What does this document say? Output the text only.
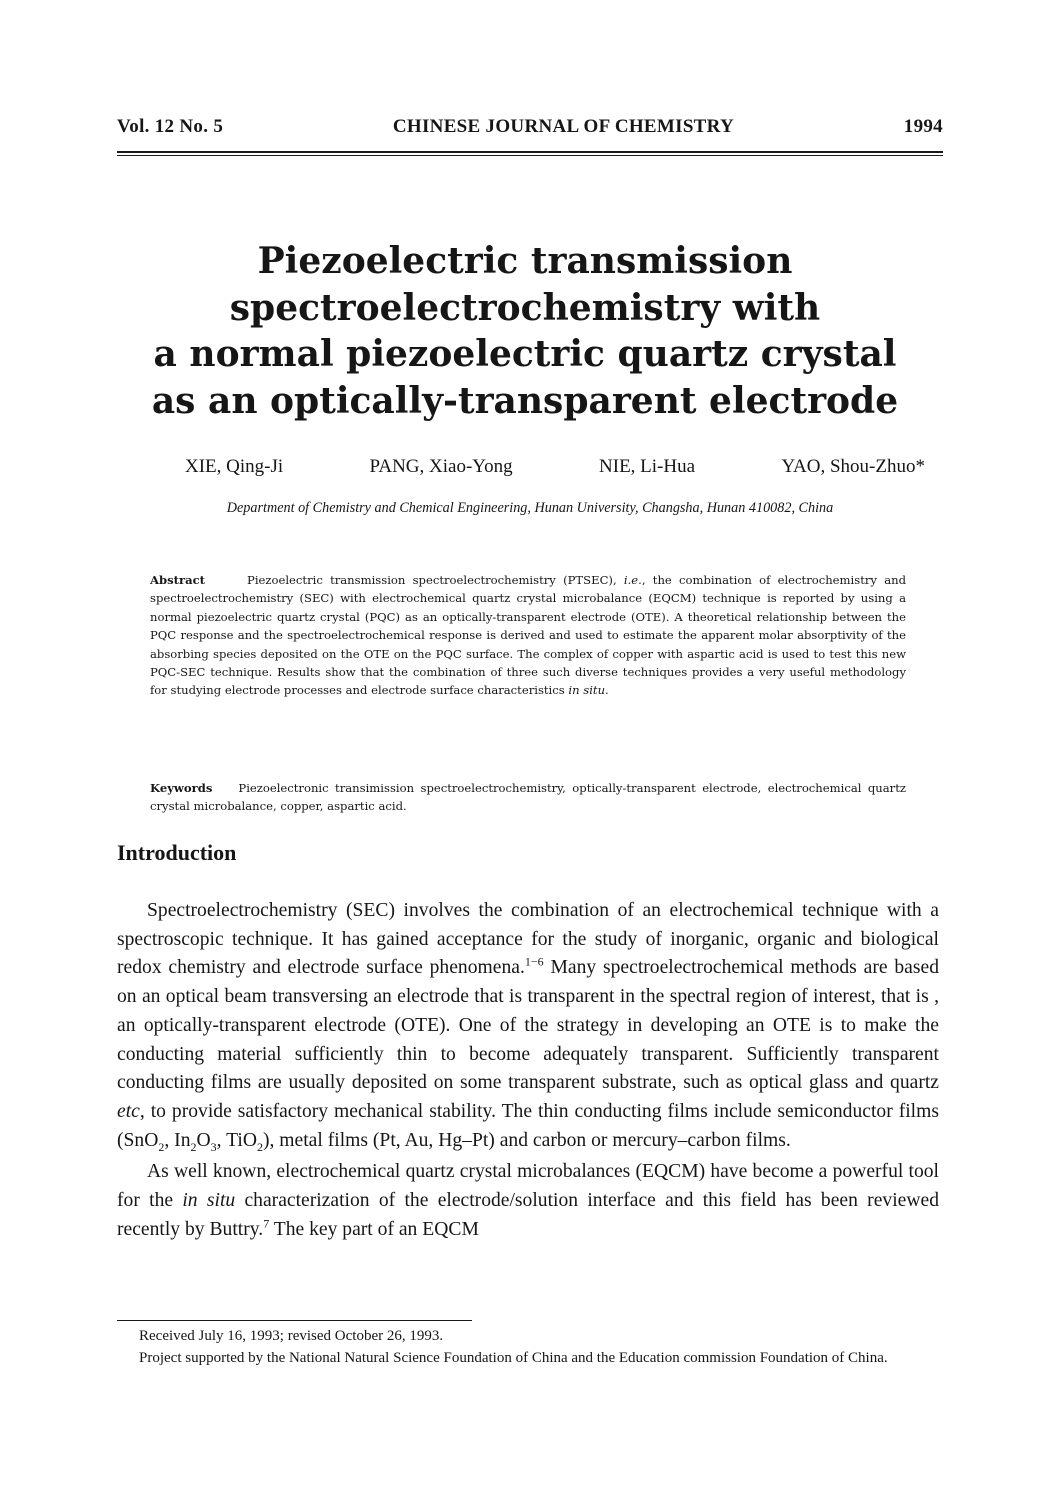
Vol. 12 No. 5	CHINESE JOURNAL OF CHEMISTRY	1994
Piezoelectric transmission
spectroelectrochemistry with
a normal piezoelectric quartz crystal
as an optically-transparent electrode
XIE, Qing-Ji	PANG, Xiao-Yong	NIE, Li-Hua	YAO, Shou-Zhuo*
Department of Chemistry and Chemical Engineering, Hunan University, Changsha, Hunan 410082, China
Abstract	Piezoelectric transmission spectroelectrochemistry (PTSEC), i.e., the combination of electrochemistry and spectroelectrochemistry (SEC) with electrochemical quartz crystal microbalance (EQCM) technique is reported by using a normal piezoelectric quartz crystal (PQC) as an optically-transparent electrode (OTE). A theoretical relationship between the PQC response and the spectroelectrochemical response is derived and used to estimate the apparent molar absorptivity of the absorbing species deposited on the OTE on the PQC surface. The complex of copper with aspartic acid is used to test this new PQC-SEC technique. Results show that the combination of three such diverse techniques provides a very useful methodology for studying electrode processes and electrode surface characteristics in situ.
Keywords Piezoelectronic transimission spectroelectrochemistry, optically-transparent electrode, electrochemical quartz crystal microbalance, copper, aspartic acid.
Introduction

Spectroelectrochemistry (SEC) involves the combination of an electrochemical technique with a spectroscopic technique. It has gained acceptance for the study of inorganic, organic and biological redox chemistry and electrode surface phenomena.$^{1-6}$ Many spectroelectrochemical methods are based on an optical beam transversing an electrode that is transparent in the spectral region of interest, that is , an optically-transparent electrode (OTE). One of the strategy in developing an OTE is to make the conducting material sufficiently thin to become adequately transparent. Sufficiently transparent conducting films are usually deposited on some transparent substrate, such as optical glass and quartz etc, to provide satisfactory mechanical stability. The thin conducting films include semiconductor films (SnO$_2$, $In_2O_3$, TiO$_2$), metal films (Pt, Au, Hg–Pt) and carbon or mercury–carbon films.

As well known, electrochemical quartz crystal microbalances (EQCM) have become a powerful tool for the in situ characterization of the electrode/solution interface and this field has been reviewed recently by Buttry.$^7$ The key part of an EQCM

Received July 16, 1993; revised October 26, 1993.

Project supported by the National Natural Science Foundation of China and the Education commission Foundation of China.
